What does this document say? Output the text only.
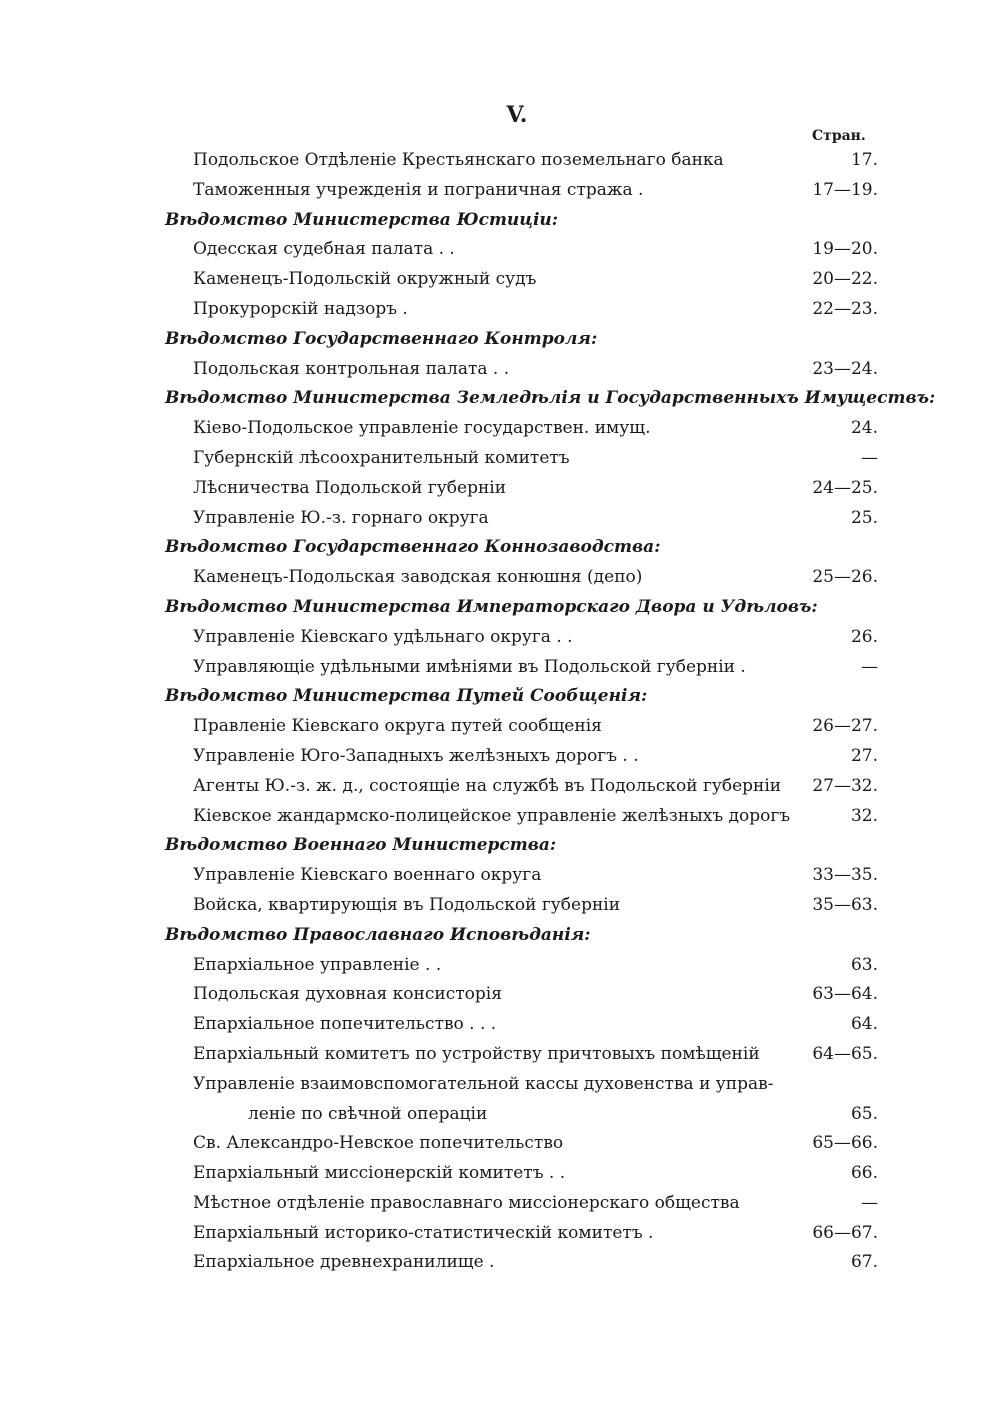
V.
Стран.
Подольское Отдѣленіе Крестьянскаго поземельнаго банка	17.
Таможенныя учрежденія и пограничная стража .	17—19.
Вѣдомство Министерства Юстиціи:
Одесская судебная палата . .	19—20.
Каменецъ-Подольскій окружный судъ	20—22.
Прокурорскій надзоръ .	22—23.
Вѣдомство Государственнаго Контроля:
Подольская контрольная палата . .	23—24.
Вѣдомство Министерства Земледѣлія и Государственныхъ Имуществъ:
Кіево-Подольское управленіе государствен. имущ.	24.
Губернскій лѣсоохранительный комитетъ	—
Лѣсничества Подольской губерніи	24—25.
Управленіе Ю.-з. горнаго округа	25.
Вѣдомство Государственнаго Коннозаводства:
Каменецъ-Подольская заводская конюшня (депо)	25—26.
Вѣдомство Министерства Императорскаго Двора и Удѣловъ:
Управленіе Кіевскаго удѣльнаго округа . .	26.
Управляющіе удѣльными имѣніями въ Подольской губерніи .	—
Вѣдомство Министерства Путей Сообщенія:
Правленіе Кіевскаго округа путей сообщенія	26—27.
Управленіе Юго-Западныхъ желѣзныхъ дорогъ . .	27.
Агенты Ю.-з. ж. д., состоящіе на службѣ въ Подольской губерніи 27—32.
Кіевское жандармско-полицейское управленіе желѣзныхъ дорогъ	32.
Вѣдомство Военнаго Министерства:
Управленіе Кіевскаго военнаго округа	33—35.
Войска, квартирующія въ Подольской губерніи	35—63.
Вѣдомство Православнаго Исповѣданія:
Епархіальное управленіе . .	63.
Подольская духовная консисторія	63—64.
Епархіальное попечительство . . .	64.
Епархіальный комитетъ по устройству причтовыхъ помѣщеній	64—65.
Управленіе взаимовспомогательной кассы духовенства и управ-
леніе по свѣчной операціи	65.
Св. Александро-Невское попечительство	65—66.
Епархіальный миссіонерскій комитетъ . .	66.
Мѣстное отдѣленіе православнаго миссіонерскаго общества	—
Епархіальный историко-статистическій комитетъ .	66—67.
Епархіальное древнехранилище .	67.
